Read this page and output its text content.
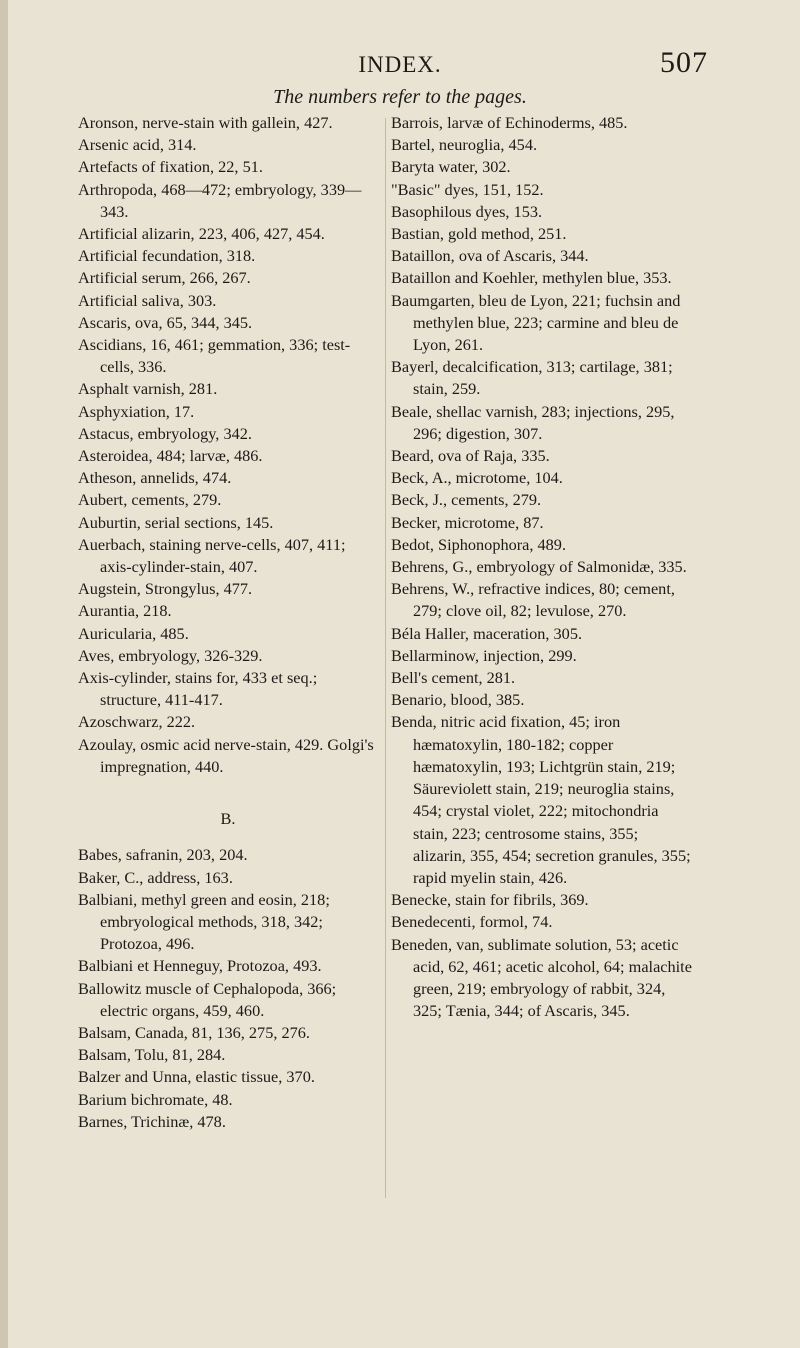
INDEX.	507
The numbers refer to the pages.

Aronson, nerve-stain with gallein, 427.

Arsenic acid, 314.

Artefacts of fixation, 22, 51.

Arthropoda, 468—472; embryology, 339—343.

Artificial alizarin, 223, 406, 427, 454.

Artificial fecundation, 318.

Artificial serum, 266, 267.

Artificial saliva, 303.

Ascaris, ova, 65, 344, 345.

Ascidians, 16, 461; gemmation, 336; test-cells, 336.

Asphalt varnish, 281.

Asphyxiation, 17.

Astacus, embryology, 342.

Asteroidea, 484; larvæ, 486.

Atheson, annelids, 474.

Aubert, cements, 279.

Auburtin, serial sections, 145.

Auerbach, staining nerve-cells, 407, 411; axis-cylinder-stain, 407.

Augstein, Strongylus, 477.

Aurantia, 218.

Auricularia, 485.

Aves, embryology, 326-329.

Axis-cylinder, stains for, 433 et seq.; structure, 411-417.

Azoschwarz, 222.

Azoulay, osmic acid nerve-stain, 429. Golgi's impregnation, 440.

B.

Babes, safranin, 203, 204.

Baker, C., address, 163.

Balbiani, methyl green and eosin, 218; embryological methods, 318, 342; Protozoa, 496.

Balbiani et Henneguy, Protozoa, 493.

Ballowitz muscle of Cephalopoda, 366; electric organs, 459, 460.

Balsam, Canada, 81, 136, 275, 276.

Balsam, Tolu, 81, 284.

Balzer and Unna, elastic tissue, 370.

Barium bichromate, 48.

Barnes, Trichinæ, 478.

Barrois, larvæ of Echinoderms, 485.

Bartel, neuroglia, 454.

Baryta water, 302.

"Basic" dyes, 151, 152.

Basophilous dyes, 153.

Bastian, gold method, 251.

Bataillon, ova of Ascaris, 344.

Bataillon and Koehler, methylen blue, 353.

Baumgarten, bleu de Lyon, 221; fuchsin and methylen blue, 223; carmine and bleu de Lyon, 261.

Bayerl, decalcification, 313; cartilage, 381; stain, 259.

Beale, shellac varnish, 283; injections, 295, 296; digestion, 307.

Beard, ova of Raja, 335.

Beck, A., microtome, 104.

Beck, J., cements, 279.

Becker, microtome, 87.

Bedot, Siphonophora, 489.

Behrens, G., embryology of Salmonidæ, 335.

Behrens, W., refractive indices, 80; cement, 279; clove oil, 82; levulose, 270.

Béla Haller, maceration, 305.

Bellarminow, injection, 299.

Bell's cement, 281.

Benario, blood, 385.

Benda, nitric acid fixation, 45; iron hæmatoxylin, 180-182; copper hæmatoxylin, 193; Lichtgrün stain, 219; Säureviolett stain, 219; neuroglia stains, 454; crystal violet, 222; mitochondria stain, 223; centrosome stains, 355; alizarin, 355, 454; secretion granules, 355; rapid myelin stain, 426.

Benecke, stain for fibrils, 369.

Benedecenti, formol, 74.

Beneden, van, sublimate solution, 53; acetic acid, 62, 461; acetic alcohol, 64; malachite green, 219; embryology of rabbit, 324, 325; Tænia, 344; of Ascaris, 345.
